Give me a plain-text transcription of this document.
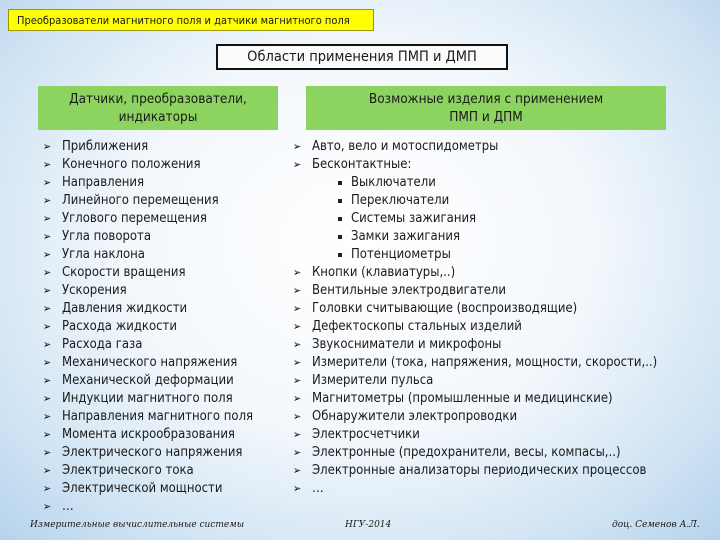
Преобразователи магнитного поля и датчики магнитного поля
Области применения ПМП и ДМП
Датчики, преобразователи,
индикаторы
Возможные изделия с применением
ПМП и ДПМ
➢ Приближения
➢ Конечного положения
➢ Направления
➢ Линейного перемещения
➢ Углового перемещения
➢ Угла поворота
➢ Угла наклона
➢ Скорости вращения
➢ Ускорения
➢ Давления жидкости
➢ Расхода жидкости
➢ Расхода газа
➢ Механического напряжения
➢ Механической деформации
➢ Индукции магнитного поля
➢ Направления магнитного поля
➢ Момента искрообразования
➢ Электрического напряжения
➢ Электрического тока
➢ Электрической мощности
➢ …
➢ Авто, вело и мотоспидометры
➢ Бесконтактные:
Выключатели
Переключатели
Системы зажигания
Замки зажигания
Потенциометры
➢ Кнопки (клавиатуры,..)
➢ Вентильные электродвигатели
➢ Головки считывающие (воспроизводящие)
➢ Дефектоскопы стальных изделий
➢ Звукосниматели и микрофоны
➢ Измерители (тока, напряжения, мощности, скорости,..)
➢ Измерители пульса
➢ Магнитометры (промышленные и медицинские)
➢ Обнаружители электропроводки
➢ Электросчетчики
➢ Электронные (предохранители, весы, компасы,..)
➢ Электронные анализаторы периодических процессов
➢ …
Измерительные вычислительные системы	НГУ-2014	доц. Семенов А.Л.
